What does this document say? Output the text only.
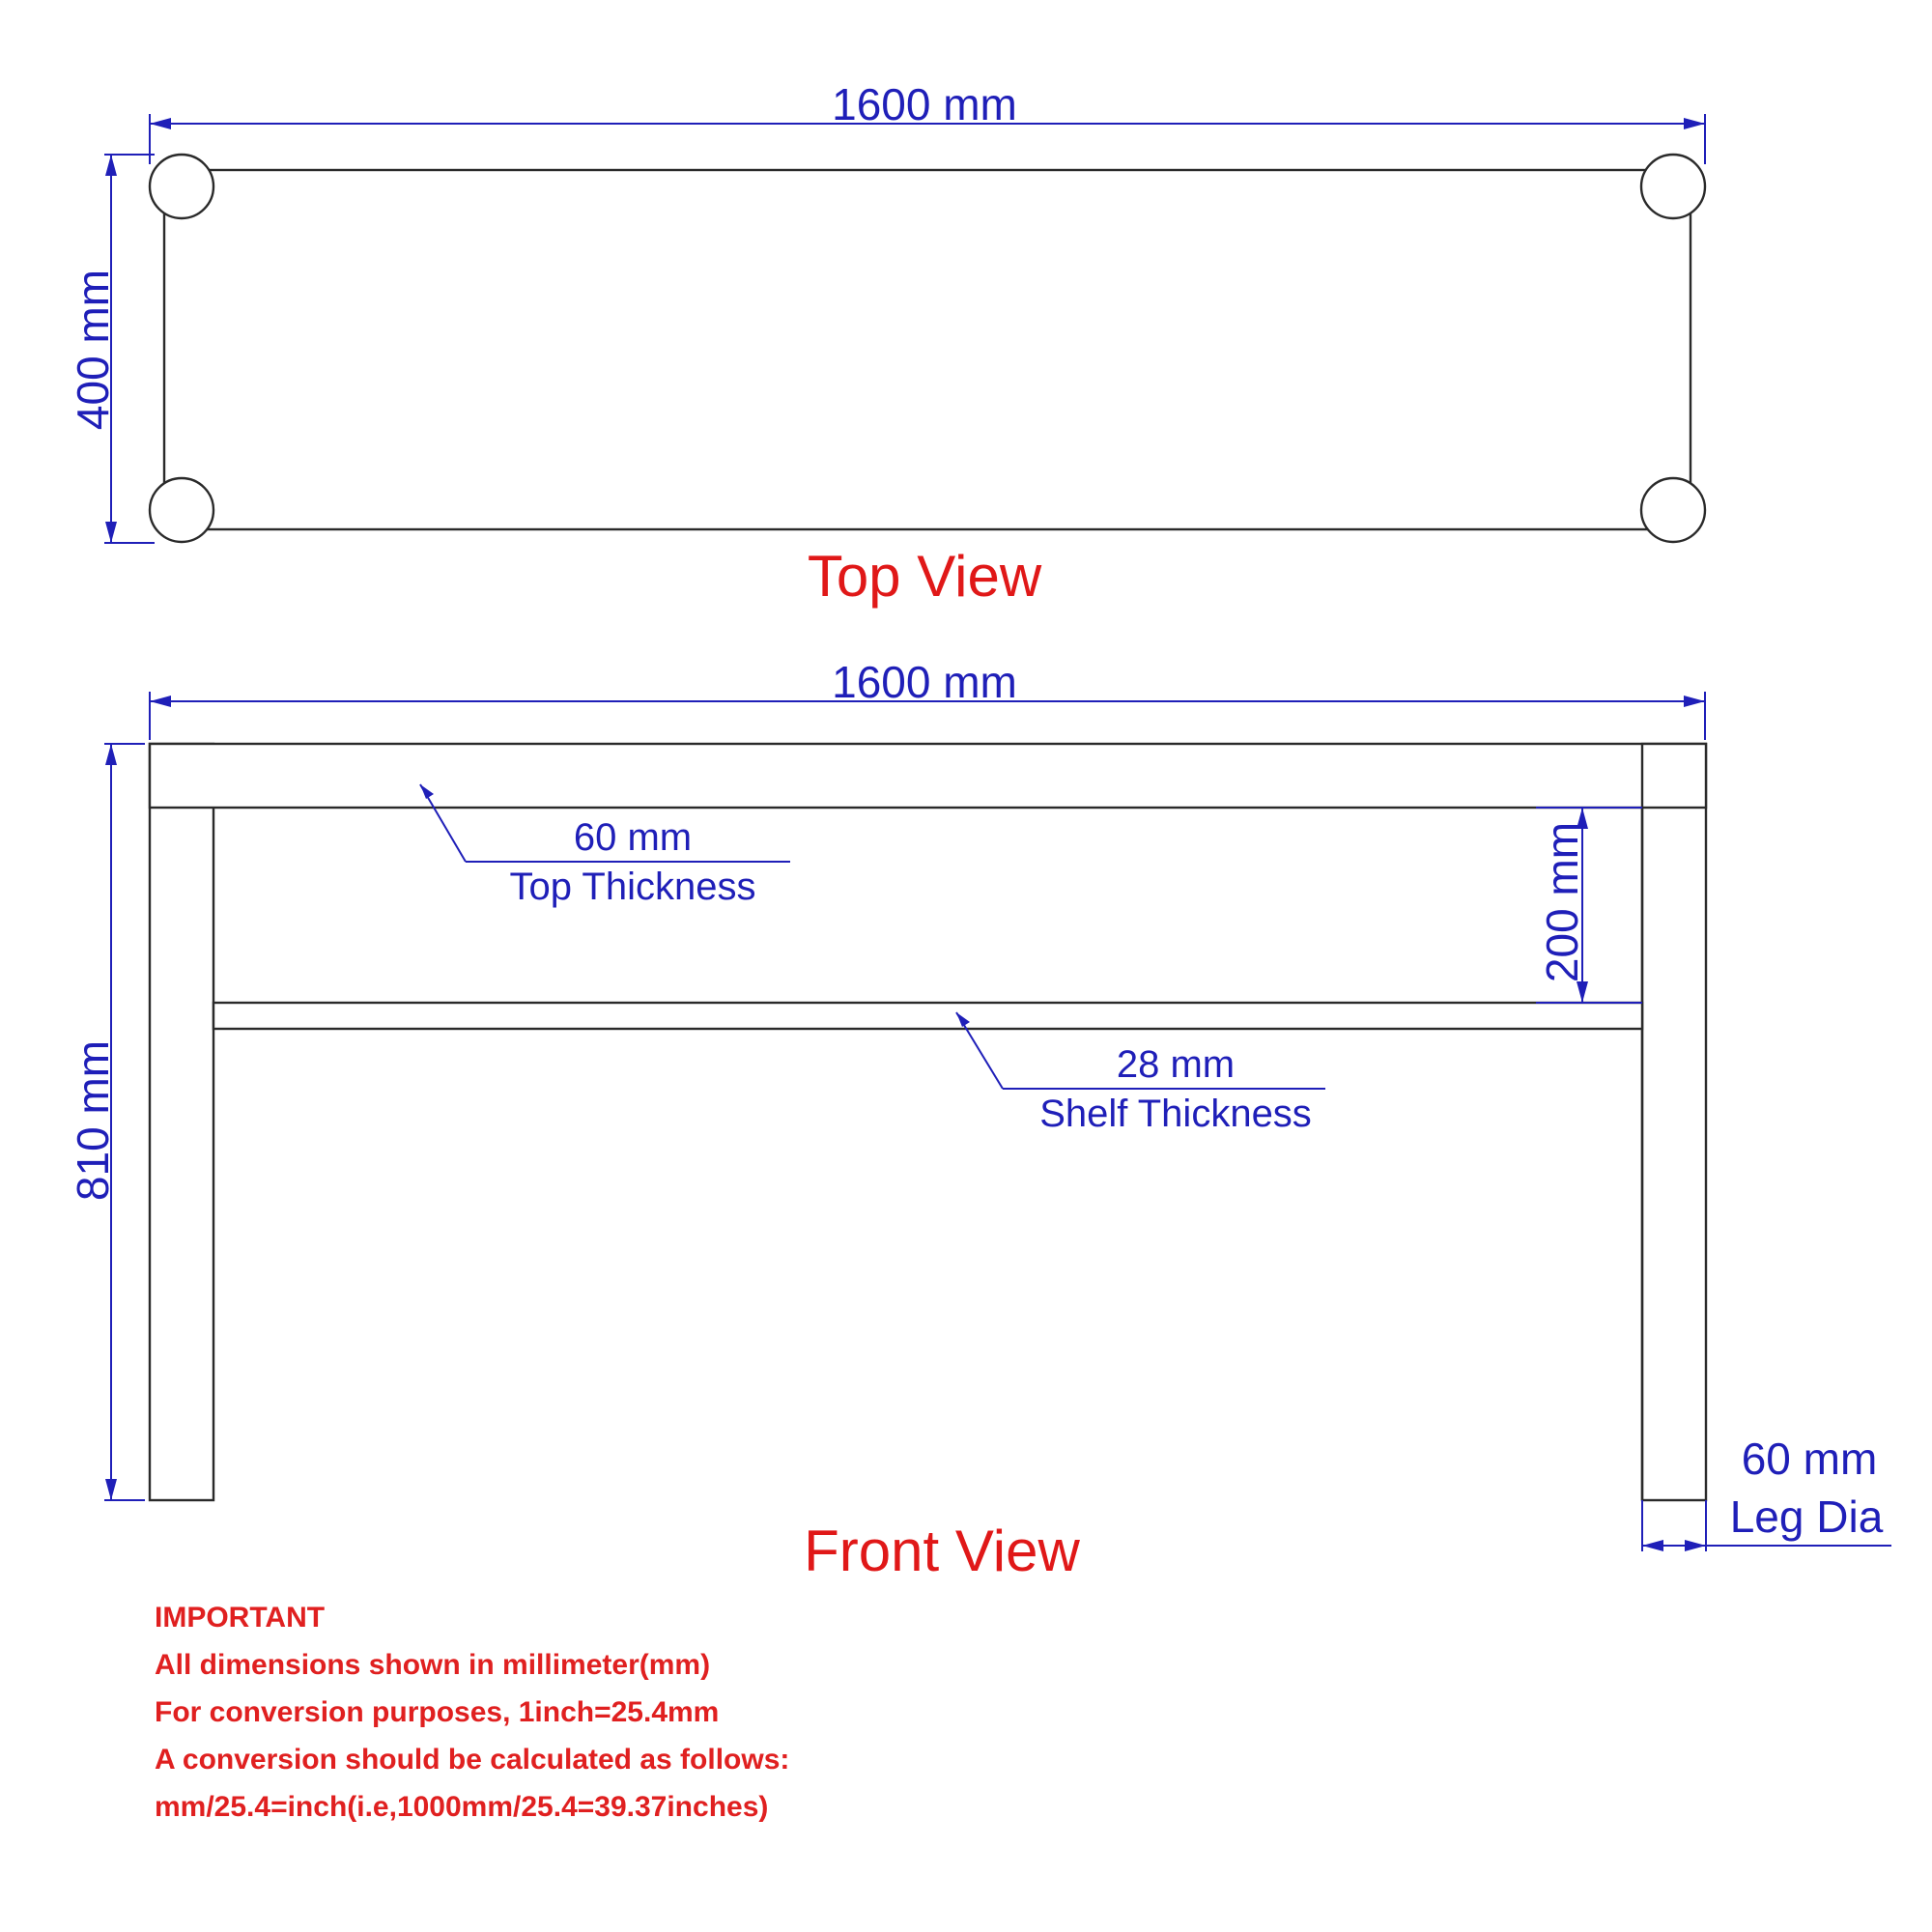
1600 mm
400 mm
Top View
1600 mm
810 mm
200 mm
60 mm
Top Thickness
28 mm
Shelf Thickness
60 mm
Leg Dia
Front View
IMPORTANT
All dimensions shown in millimeter(mm)
For conversion purposes, 1inch=25.4mm
A conversion should be calculated as follows:
mm/25.4=inch(i.e,1000mm/25.4=39.37inches)
